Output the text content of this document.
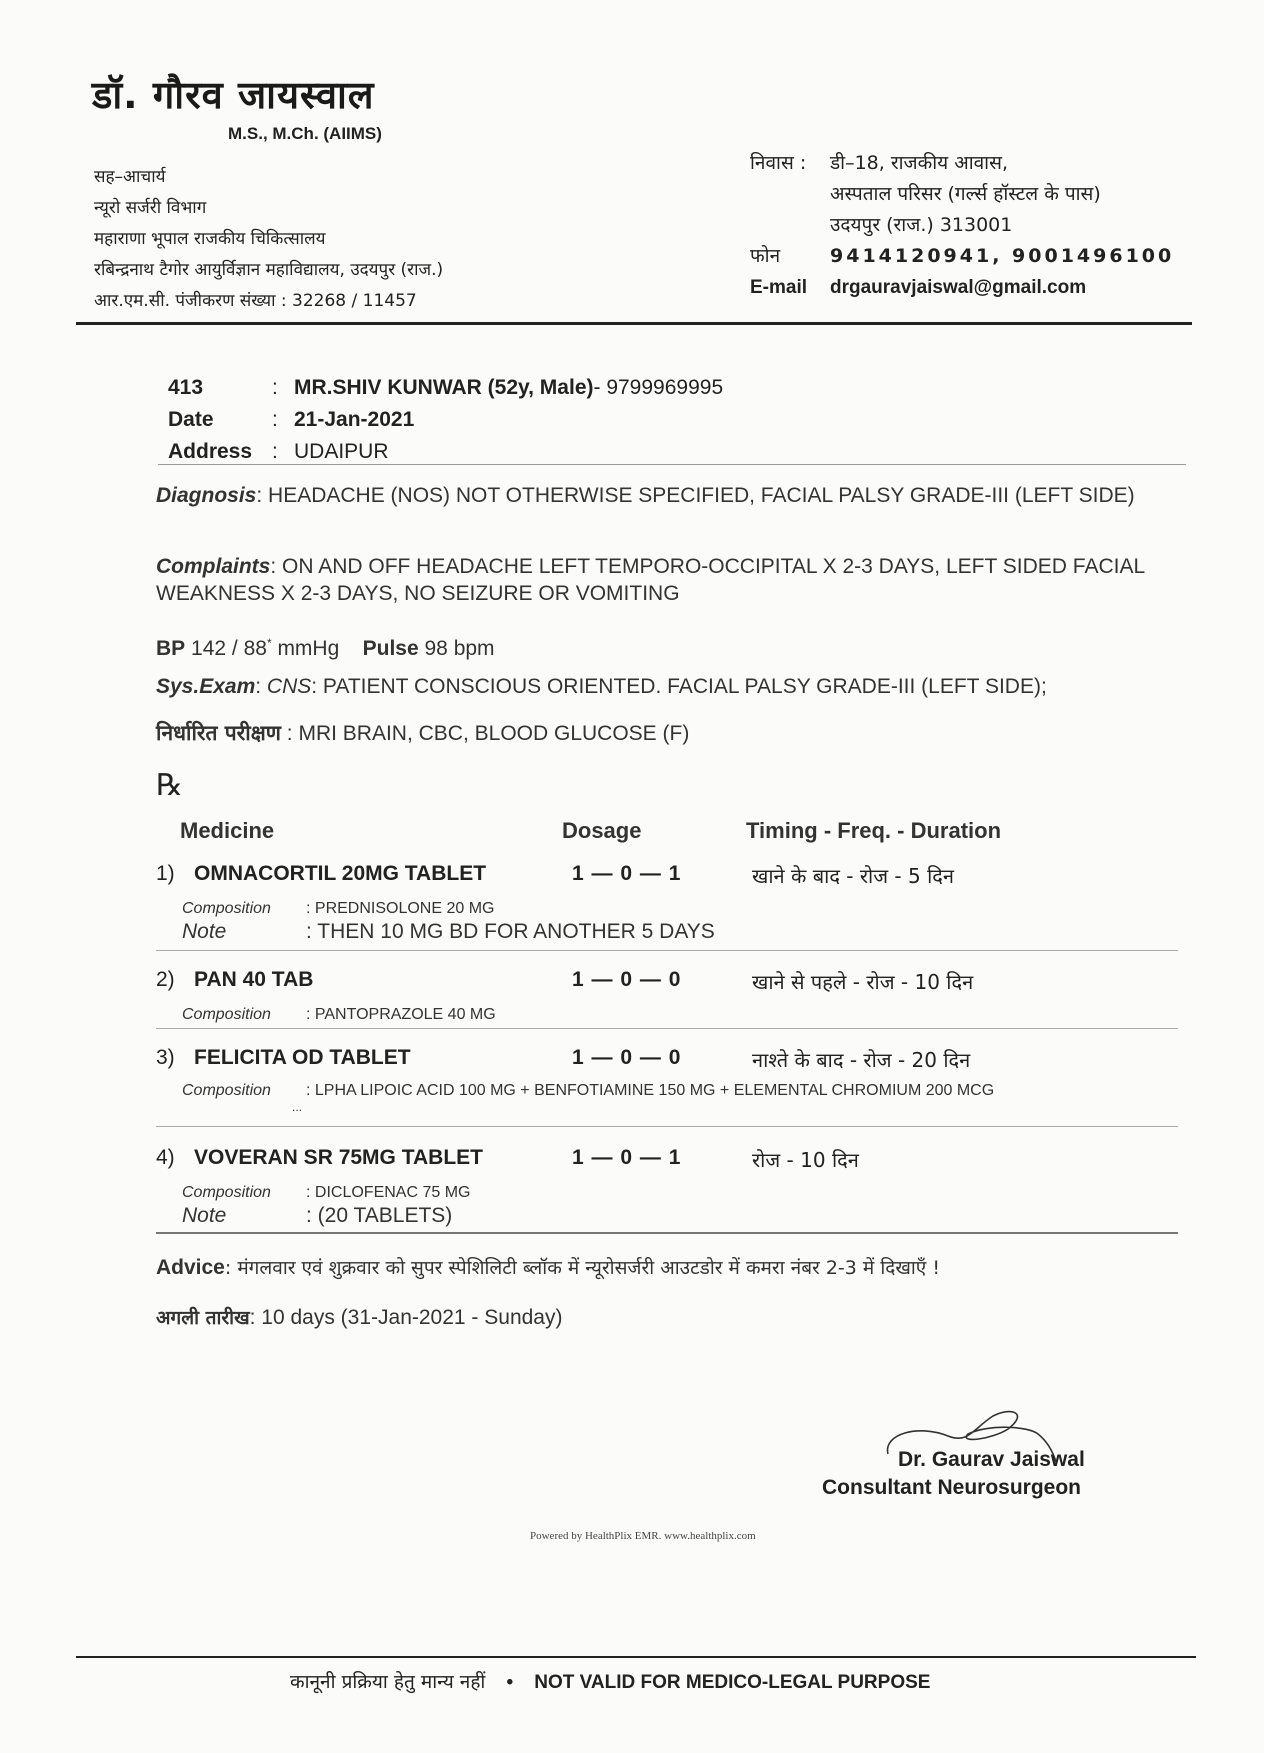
डॉ. गौरव जायस्वाल
M.S., M.Ch. (AIIMS)
सह–आचार्य
न्यूरो सर्जरी विभाग
महाराणा भूपाल राजकीय चिकित्सालय
रबिन्द्रनाथ टैगोर आयुर्विज्ञान महाविद्यालय, उदयपुर (राज.)
आर.एम.सी. पंजीकरण संख्या : 32268 / 11457
निवास :	डी–18, राजकीय आवास,
अस्पताल परिसर (गर्ल्स हॉस्टल के पास)
उदयपुर (राज.) 313001
फोन	9414120941, 9001496100
E-mail	drgauravjaiswal@gmail.com
413	: MR.SHIV KUNWAR (52y, Male) - 9799969995
Date	: 21-Jan-2021
Address : UDAIPUR
Diagnosis: HEADACHE (NOS) NOT OTHERWISE SPECIFIED, FACIAL PALSY GRADE-III (LEFT SIDE)
Complaints: ON AND OFF HEADACHE LEFT TEMPORO-OCCIPITAL X 2-3 DAYS, LEFT SIDED FACIAL WEAKNESS X 2-3 DAYS, NO SEIZURE OR VOMITING
BP 142 / 88* mmHg Pulse 98 bpm
Sys.Exam: CNS: PATIENT CONSCIOUS ORIENTED. FACIAL PALSY GRADE-III (LEFT SIDE);
निर्धारित परीक्षण : MRI BRAIN, CBC, BLOOD GLUCOSE (F)
℞
Medicine	Dosage	Timing - Freq. - Duration
1) OMNACORTIL 20MG TABLET	1 — 0 — 1	खाने के बाद - रोज - 5 दिन
Composition : PREDNISOLONE 20 MG
Note	: THEN 10 MG BD FOR ANOTHER 5 DAYS
2) PAN 40 TAB	1 — 0 — 0	खाने से पहले - रोज - 10 दिन
Composition : PANTOPRAZOLE 40 MG
3) FELICITA OD TABLET	1 — 0 — 0	नाश्ते के बाद - रोज - 20 दिन
Composition : LPHA LIPOIC ACID 100 MG + BENFOTIAMINE 150 MG + ELEMENTAL CHROMIUM 200 MCG
...
4) VOVERAN SR 75MG TABLET	1 — 0 — 1	रोज - 10 दिन
Composition : DICLOFENAC 75 MG
Note	: (20 TABLETS)
Advice: मंगलवार एवं शुक्रवार को सुपर स्पेशिलिटी ब्लॉक में न्यूरोसर्जरी आउटडोर में कमरा नंबर 2-3 में दिखाएँ !
अगली तारीख: 10 days (31-Jan-2021 - Sunday)
Dr. Gaurav Jaiswal
Consultant Neurosurgeon
Powered by HealthPlix EMR. www.healthplix.com
कानूनी प्रक्रिया हेतु मान्य नहीं • NOT VALID FOR MEDICO-LEGAL PURPOSE
